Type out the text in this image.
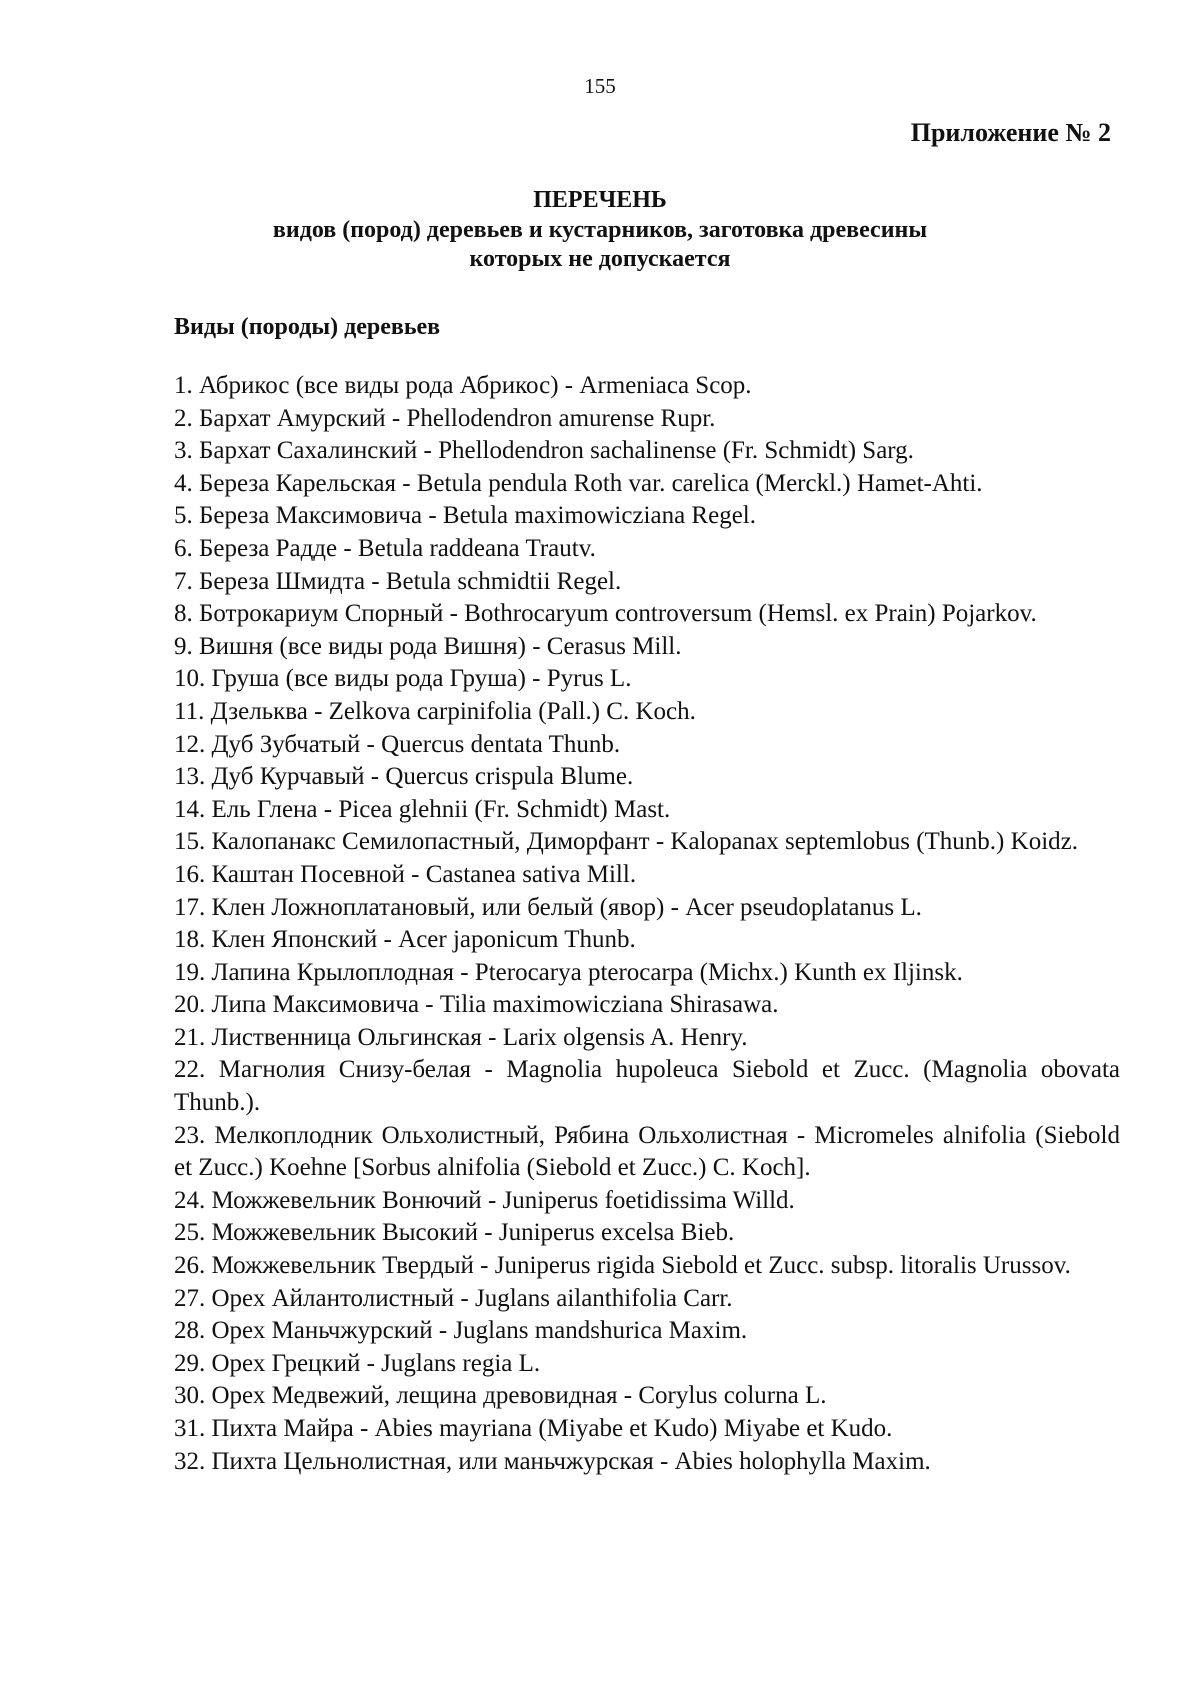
155
Приложение № 2
ПЕРЕЧЕНЬ
видов (пород) деревьев и кустарников, заготовка древесины
которых не допускается
Виды (породы) деревьев
1. Абрикос (все виды рода Абрикос) - Armeniaca Scop.
2. Бархат Амурский - Phellodendron amurense Rupr.
3. Бархат Сахалинский - Phellodendron sachalinense (Fr. Schmidt) Sarg.
4. Береза Карельская - Betula pendula Roth var. carelica (Merckl.) Hamet-Ahti.
5. Береза Максимовича - Betula maximowicziana Regel.
6. Береза Радде - Betula raddeana Trautv.
7. Береза Шмидта - Betula schmidtii Regel.
8. Ботрокариум Спорный - Bothrocaryum controversum (Hemsl. ex Prain) Pojarkov.
9. Вишня (все виды рода Вишня) - Cerasus Mill.
10. Груша (все виды рода Груша) - Pyrus L.
11. Дзельква - Zelkova carpinifolia (Pall.) C. Koch.
12. Дуб Зубчатый - Quercus dentata Thunb.
13. Дуб Курчавый - Quercus crispula Blume.
14. Ель Глена - Picea glehnii (Fr. Schmidt) Mast.
15. Калопанакс Семилопастный, Диморфант - Kalopanax septemlobus (Thunb.) Koidz.
16. Каштан Посевной - Castanea sativa Mill.
17. Клен Ложноплатановый, или белый (явор) - Acer pseudoplatanus L.
18. Клен Японский - Acer japonicum Thunb.
19. Лапина Крылоплодная - Pterocarya pterocarpa (Michx.) Kunth ex Iljinsk.
20. Липа Максимовича - Tilia maximowicziana Shirasawa.
21. Лиственница Ольгинская - Larix olgensis A. Henry.
22. Магнолия Снизу-белая - Magnolia hupoleuca Siebold et Zucc. (Magnolia obovata Thunb.).
23. Мелкоплодник Ольхолистный, Рябина Ольхолистная - Micromeles alnifolia (Siebold et Zucc.) Koehne [Sorbus alnifolia (Siebold et Zucc.) C. Koch].
24. Можжевельник Вонючий - Juniperus foetidissima Willd.
25. Можжевельник Высокий - Juniperus excelsa Bieb.
26. Можжевельник Твердый - Juniperus rigida Siebold et Zucc. subsp. litoralis Urussov.
27. Орех Айлантолистный - Juglans ailanthifolia Carr.
28. Орех Маньчжурский - Juglans mandshurica Maxim.
29. Орех Грецкий - Juglans regia L.
30. Орех Медвежий, лещина древовидная - Corylus colurna L.
31. Пихта Майра - Abies mayriana (Miyabe et Kudo) Miyabe et Kudo.
32. Пихта Цельнолистная, или маньчжурская - Abies holophylla Maxim.
